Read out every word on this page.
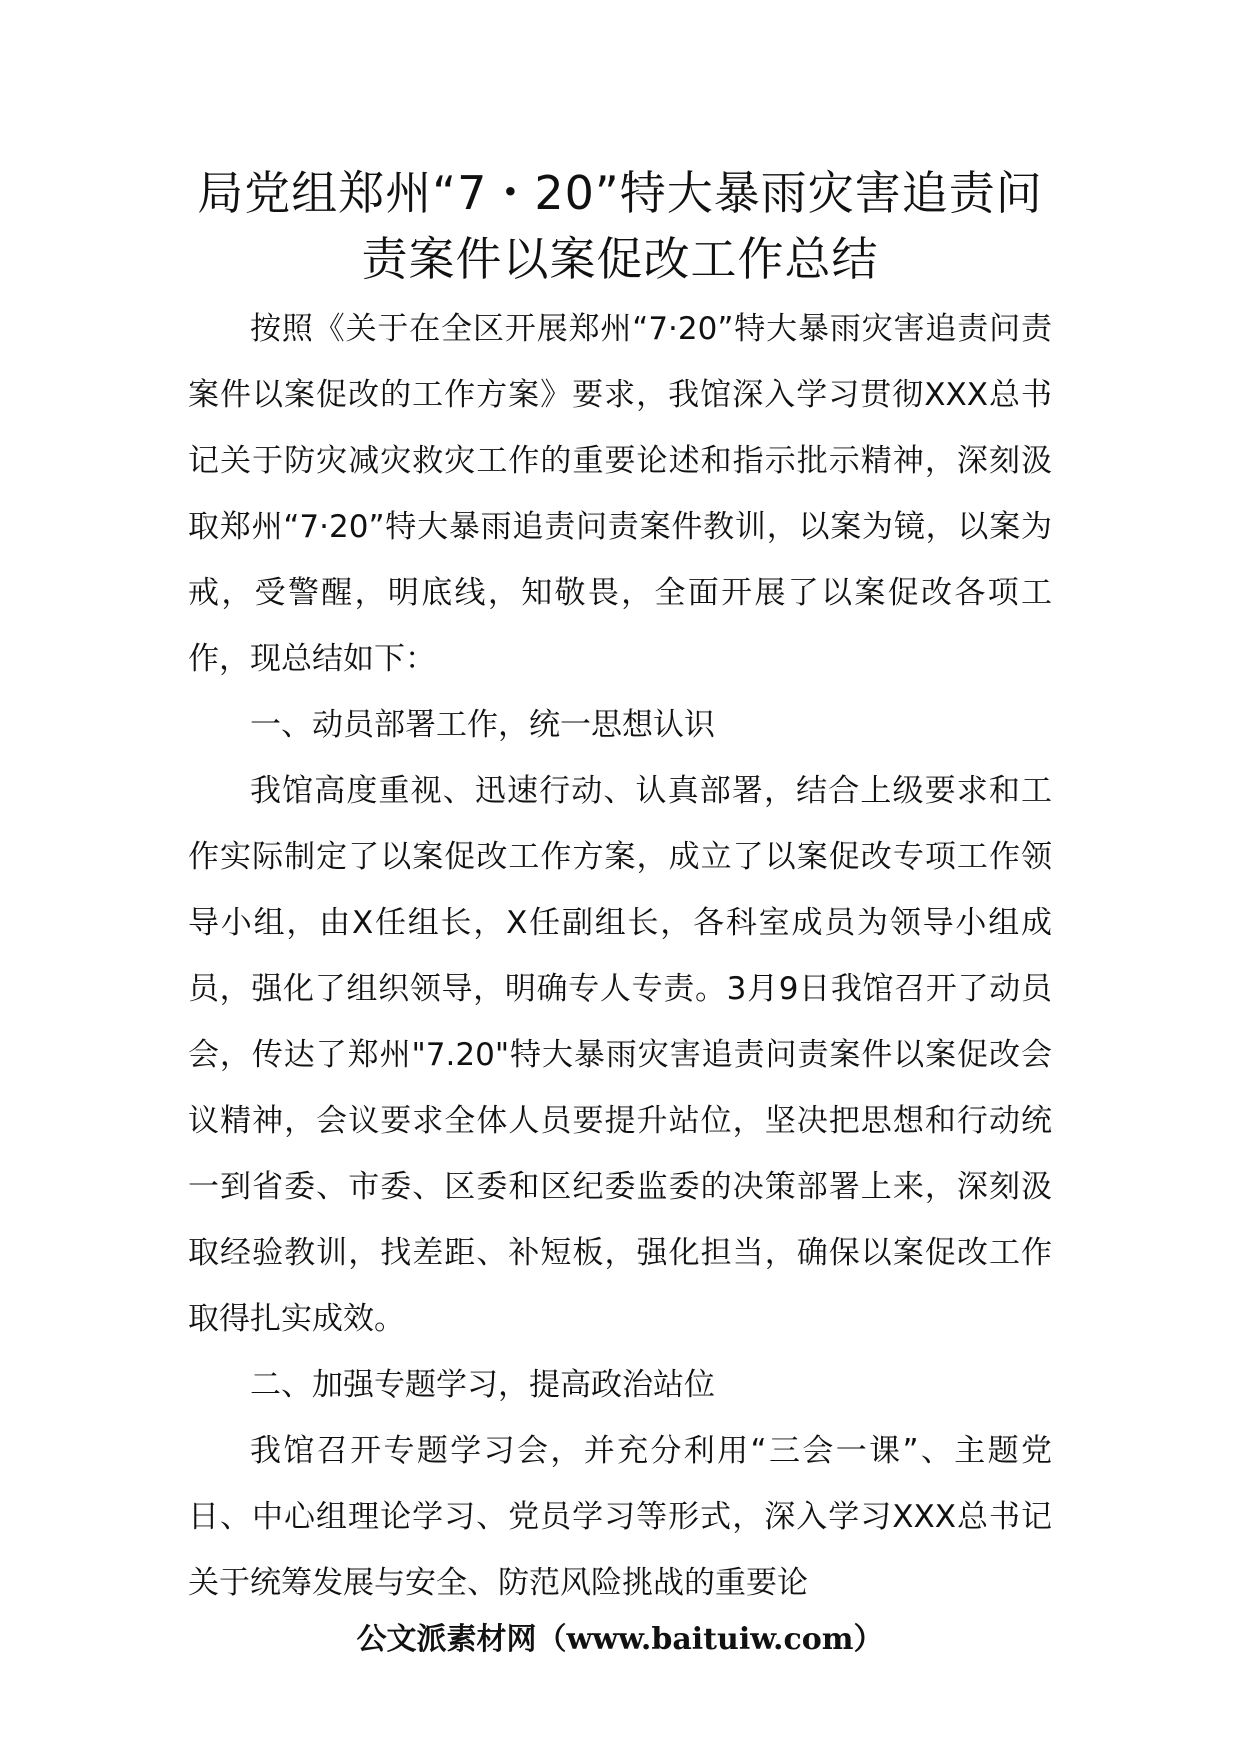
局党组郑州“7・20”特大暴雨灾害追责问
责案件以案促改工作总结

按照《关于在全区开展郑州“7·20”特大暴雨灾害追责问责案件以案促改的工作方案》要求，我馆深入学习贯彻XXX总书记关于防灾减灾救灾工作的重要论述和指示批示精神，深刻汲取郑州“7·20”特大暴雨追责问责案件教训，以案为镜，以案为戒，受警醒，明底线，知敬畏，全面开展了以案促改各项工作，现总结如下：

一、动员部署工作，统一思想认识

我馆高度重视、迅速行动、认真部署，结合上级要求和工作实际制定了以案促改工作方案，成立了以案促改专项工作领导小组，由X任组长，X任副组长，各科室成员为领导小组成员，强化了组织领导，明确专人专责。3月9日我馆召开了动员会，传达了郑州"7.20"特大暴雨灾害追责问责案件以案促改会议精神，会议要求全体人员要提升站位，坚决把思想和行动统一到省委、市委、区委和区纪委监委的决策部署上来，深刻汲取经验教训，找差距、补短板，强化担当，确保以案促改工作取得扎实成效。

二、加强专题学习，提高政治站位

我馆召开专题学习会，并充分利用“三会一课”、主题党日、中心组理论学习、党员学习等形式，深入学习XXX总书记关于统筹发展与安全、防范风险挑战的重要论

公文派素材网（www.baituiw.com）
